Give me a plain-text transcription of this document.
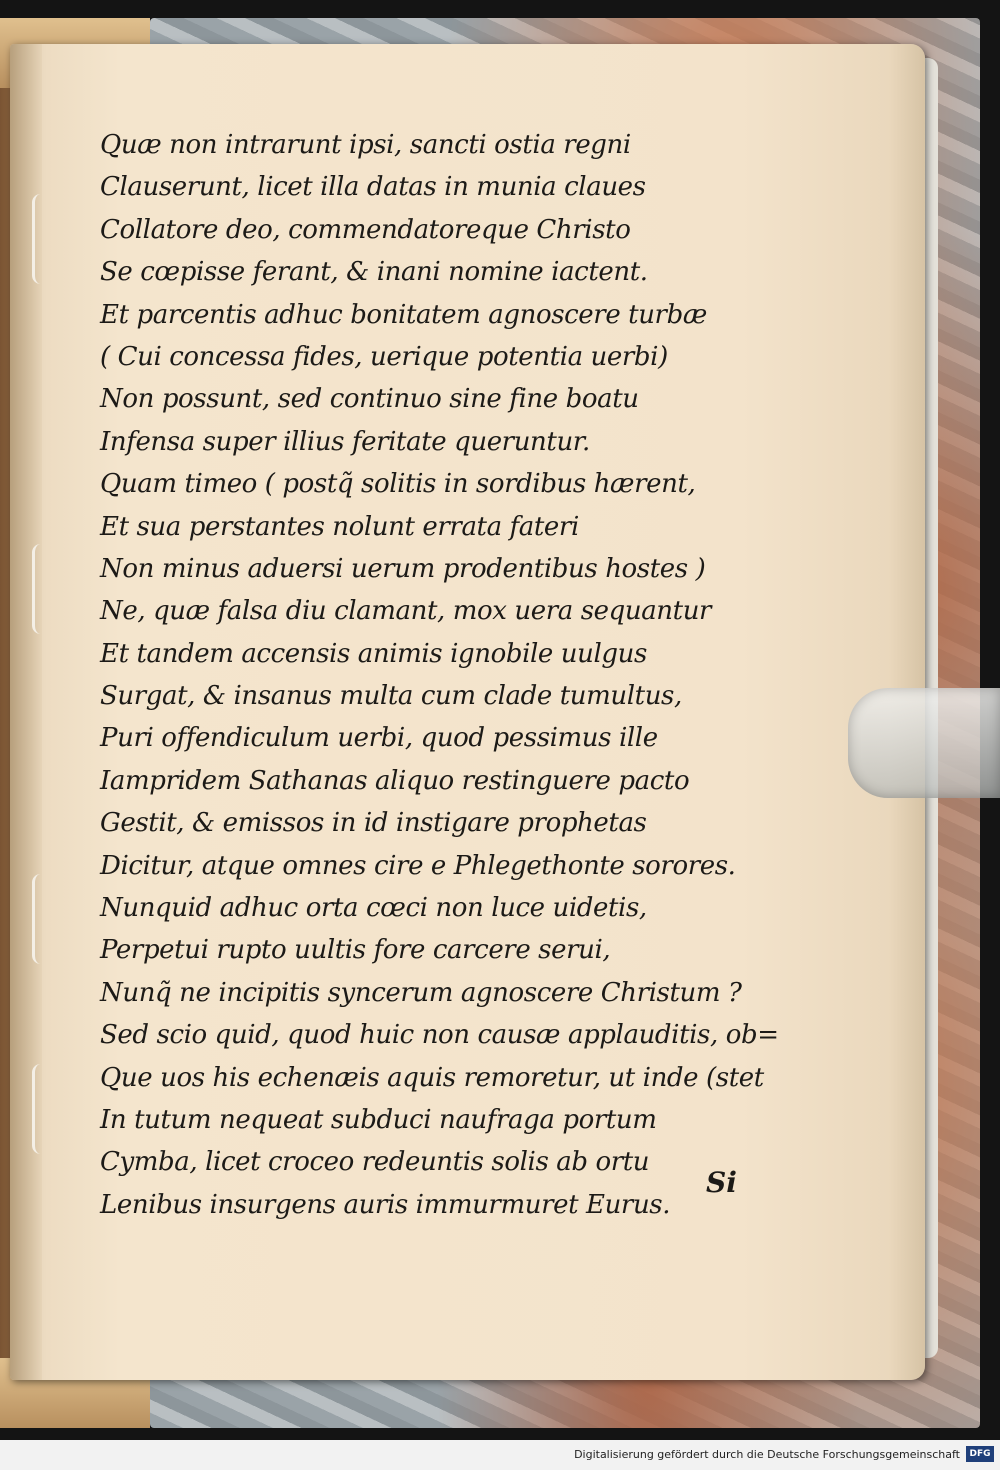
Quæ non intrarunt ipsi, sancti ostia regni
Clauserunt, licet illa datas in munia claues
Collatore deo, commendatoreque Christo
Se cœpisse ferant, & inani nomine iactent.
Et parcentis adhuc bonitatem agnoscere turbæ
( Cui concessa fides, uerique potentia uerbi)
Non possunt, sed continuo sine fine boatu
Infensa super illius feritate queruntur.
Quam timeo ( postq̃ solitis in sordibus hærent,
Et sua perstantes nolunt errata fateri
Non minus aduersi uerum prodentibus hostes )
Ne, quæ falsa diu clamant, mox uera sequantur
Et tandem accensis animis ignobile uulgus
Surgat, & insanus multa cum clade tumultus,
Puri offendiculum uerbi, quod pessimus ille
Iampridem Sathanas aliquo restinguere pacto
Gestit, & emissos in id instigare prophetas
Dicitur, atque omnes cire e Phlegethonte sorores.
Nunquid adhuc orta cœci non luce uidetis,
Perpetui rupto uultis fore carcere serui,
Nunq̃ ne incipitis syncerum agnoscere Christum ?
Sed scio quid, quod huic non causæ applauditis, ob=
Que uos his echenæis aquis remoretur, ut inde (stet
In tutum nequeat subduci naufraga portum
Cymba, licet croceo redeuntis solis ab ortu
Lenibus insurgens auris immurmuret Eurus.
Si
Digitalisierung gefördert durch die Deutsche Forschungsgemeinschaft	DFG
